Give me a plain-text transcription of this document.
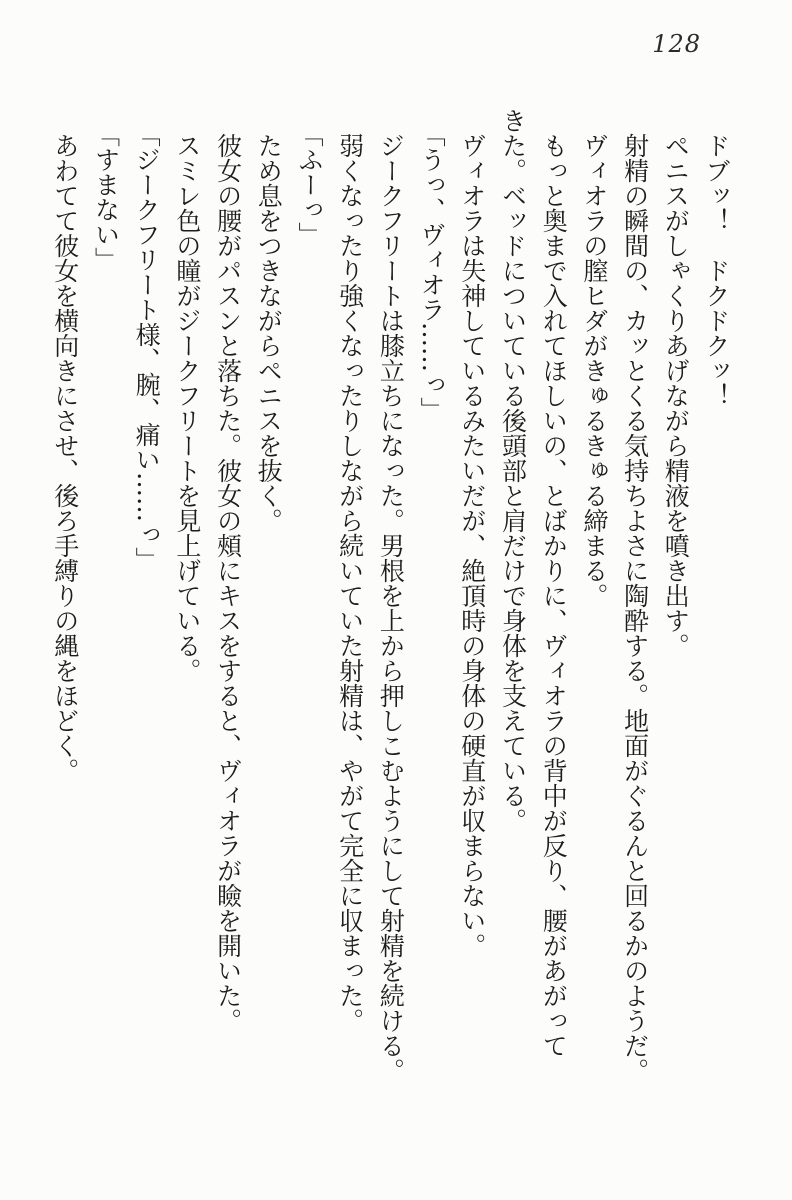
128

ドブッ！　ドクドクッ！

ペニスがしゃくりあげながら精液を噴き出す。

射精の瞬間の、カッとくる気持ちよさに陶酔する。地面がぐるんと回るかのようだ。

ヴィオラの膣ヒダがきゅるきゅる締まる。

もっと奥まで入れてほしいの、とばかりに、ヴィオラの背中が反り、腰があがって

きた。ベッドについている後頭部と肩だけで身体を支えている。

ヴィオラは失神しているみたいだが、絶頂時の身体の硬直が収まらない。

「うっ、ヴィオラ……っ」

ジークフリートは膝立ちになった。男根を上から押しこむようにして射精を続ける。

弱くなったり強くなったりしながら続いていた射精は、やがて完全に収まった。

「ふーっ」

ため息をつきながらペニスを抜く。

彼女の腰がパスンと落ちた。彼女の頰にキスをすると、ヴィオラが瞼を開いた。

スミレ色の瞳がジークフリートを見上げている。

「ジークフリート様、腕、痛い……っ」

「すまない」

あわてて彼女を横向きにさせ、後ろ手縛りの縄をほどく。
